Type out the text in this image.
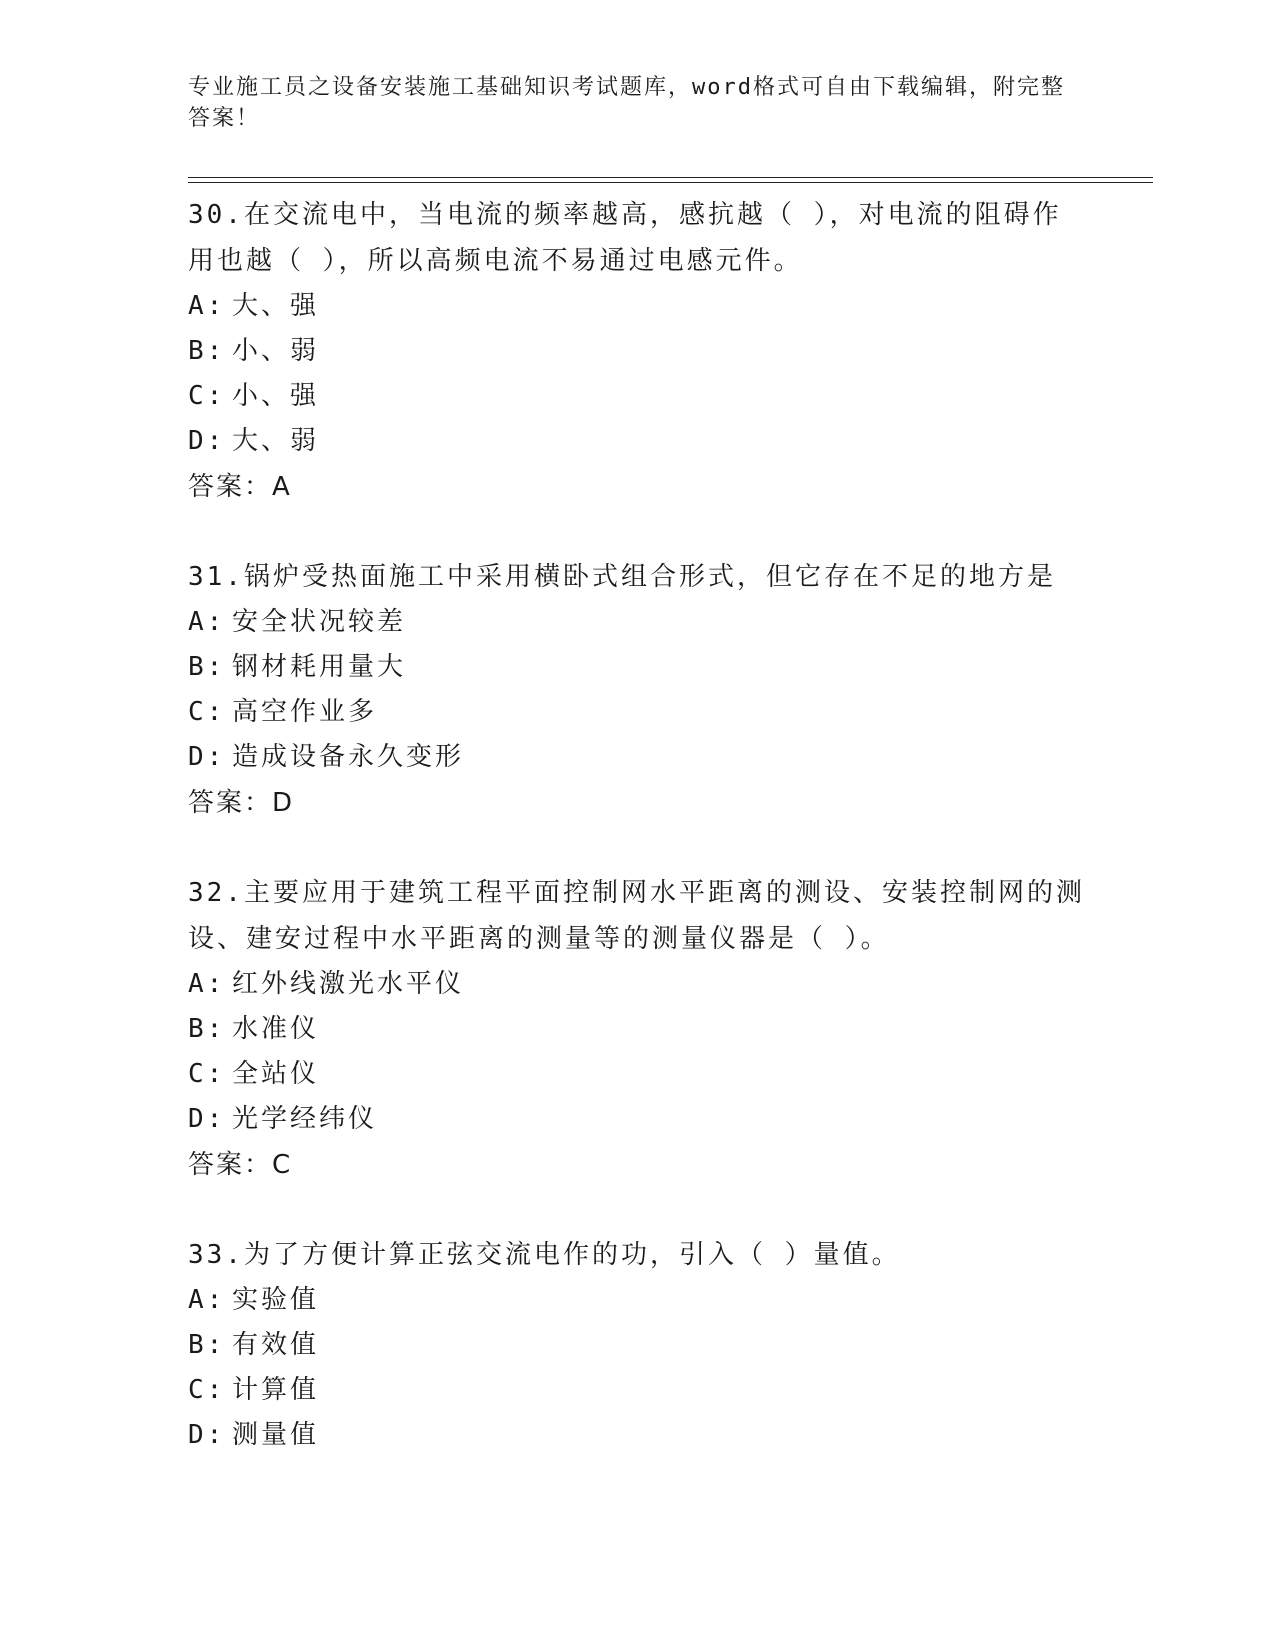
专业施工员之设备安装施工基础知识考试题库，word格式可自由下载编辑，附完整答案！

30.在交流电中，当电流的频率越高，感抗越（ ），对电流的阻碍作用也越（ ），所以高频电流不易通过电感元件。

A: 大、强
B: 小、弱
C: 小、强
D: 大、弱
答案：A

31.锅炉受热面施工中采用横卧式组合形式，但它存在不足的地方是

A: 安全状况较差
B: 钢材耗用量大
C: 高空作业多
D: 造成设备永久变形
答案：D

32.主要应用于建筑工程平面控制网水平距离的测设、安装控制网的测设、建安过程中水平距离的测量等的测量仪器是（ ）。

A: 红外线激光水平仪
B: 水准仪
C: 全站仪
D: 光学经纬仪
答案：C

33.为了方便计算正弦交流电作的功，引入（ ）量值。

A: 实验值
B: 有效值
C: 计算值
D: 测量值
